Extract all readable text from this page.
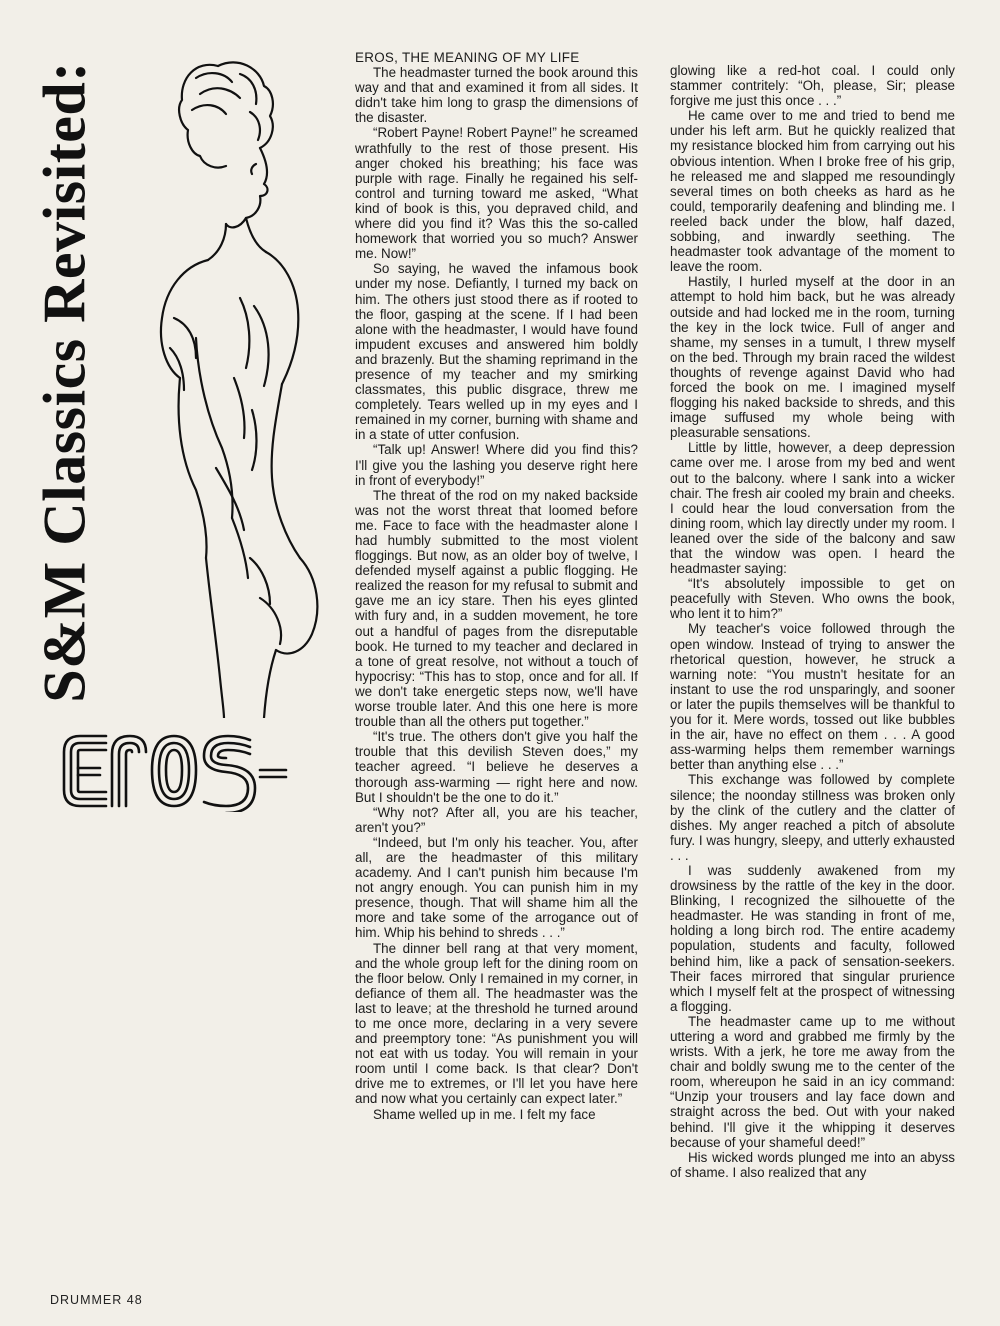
S&M Classics Revisited:

EROS, THE MEANING OF MY LIFE

The headmaster turned the book around this way and that and examined it from all sides. It didn't take him long to grasp the dimensions of the disaster.

“Robert Payne! Robert Payne!” he screamed wrathfully to the rest of those present. His anger choked his breathing; his face was purple with rage. Finally he regained his self-control and turning toward me asked, “What kind of book is this, you depraved child, and where did you find it? Was this the so-called homework that worried you so much? Answer me. Now!”

So saying, he waved the infamous book under my nose. Defiantly, I turned my back on him. The others just stood there as if rooted to the floor, gasping at the scene. If I had been alone with the headmaster, I would have found impudent excuses and answered him boldly and brazenly. But the shaming reprimand in the presence of my teacher and my smirking classmates, this public disgrace, threw me completely. Tears welled up in my eyes and I remained in my corner, burning with shame and in a state of utter confusion.

“Talk up! Answer! Where did you find this? I'll give you the lashing you deserve right here in front of everybody!”

The threat of the rod on my naked backside was not the worst threat that loomed before me. Face to face with the headmaster alone I had humbly submitted to the most violent floggings. But now, as an older boy of twelve, I defended myself against a public flogging. He realized the reason for my refusal to submit and gave me an icy stare. Then his eyes glinted with fury and, in a sudden movement, he tore out a handful of pages from the disreputable book. He turned to my teacher and declared in a tone of great resolve, not without a touch of hypocrisy: “This has to stop, once and for all. If we don't take energetic steps now, we'll have worse trouble later. And this one here is more trouble than all the others put together.”

“It's true. The others don't give you half the trouble that this devilish Steven does,” my teacher agreed. “I believe he deserves a thorough ass-warming — right here and now. But I shouldn't be the one to do it.”

“Why not? After all, you are his teacher, aren't you?”

“Indeed, but I'm only his teacher. You, after all, are the headmaster of this military academy. And I can't punish him because I'm not angry enough. You can punish him in my presence, though. That will shame him all the more and take some of the arrogance out of him. Whip his behind to shreds . . .”

The dinner bell rang at that very moment, and the whole group left for the dining room on the floor below. Only I remained in my corner, in defiance of them all. The headmaster was the last to leave; at the threshold he turned around to me once more, declaring in a very severe and preemptory tone: “As punishment you will not eat with us today. You will remain in your room until I come back. Is that clear? Don't drive me to extremes, or I'll let you have here and now what you certainly can expect later.”

Shame welled up in me. I felt my face

glowing like a red-hot coal. I could only stammer contritely: “Oh, please, Sir; please forgive me just this once . . .”

He came over to me and tried to bend me under his left arm. But he quickly realized that my resistance blocked him from carrying out his obvious intention. When I broke free of his grip, he released me and slapped me resoundingly several times on both cheeks as hard as he could, temporarily deafening and blinding me. I reeled back under the blow, half dazed, sobbing, and inwardly seething. The headmaster took advantage of the moment to leave the room.

Hastily, I hurled myself at the door in an attempt to hold him back, but he was already outside and had locked me in the room, turning the key in the lock twice. Full of anger and shame, my senses in a tumult, I threw myself on the bed. Through my brain raced the wildest thoughts of revenge against David who had forced the book on me. I imagined myself flogging his naked backside to shreds, and this image suffused my whole being with pleasurable sensations.

Little by little, however, a deep depression came over me. I arose from my bed and went out to the balcony. where I sank into a wicker chair. The fresh air cooled my brain and cheeks. I could hear the loud conversation from the dining room, which lay directly under my room. I leaned over the side of the balcony and saw that the window was open. I heard the headmaster saying:

“It's absolutely impossible to get on peacefully with Steven. Who owns the book, who lent it to him?”

My teacher's voice followed through the open window. Instead of trying to answer the rhetorical question, however, he struck a warning note: “You mustn't hesitate for an instant to use the rod unsparingly, and sooner or later the pupils themselves will be thankful to you for it. Mere words, tossed out like bubbles in the air, have no effect on them . . . A good ass-warming helps them remember warnings better than anything else . . .”

This exchange was followed by complete silence; the noonday stillness was broken only by the clink of the cutlery and the clatter of dishes. My anger reached a pitch of absolute fury. I was hungry, sleepy, and utterly exhausted . . .

I was suddenly awakened from my drowsiness by the rattle of the key in the door. Blinking, I recognized the silhouette of the headmaster. He was standing in front of me, holding a long birch rod. The entire academy population, students and faculty, followed behind him, like a pack of sensation-seekers. Their faces mirrored that singular prurience which I myself felt at the prospect of witnessing a flogging.

The headmaster came up to me without uttering a word and grabbed me firmly by the wrists. With a jerk, he tore me away from the chair and boldly swung me to the center of the room, whereupon he said in an icy command: “Unzip your trousers and lay face down and straight across the bed. Out with your naked behind. I'll give it the whipping it deserves because of your shameful deed!”

His wicked words plunged me into an abyss of shame. I also realized that any

DRUMMER 48
